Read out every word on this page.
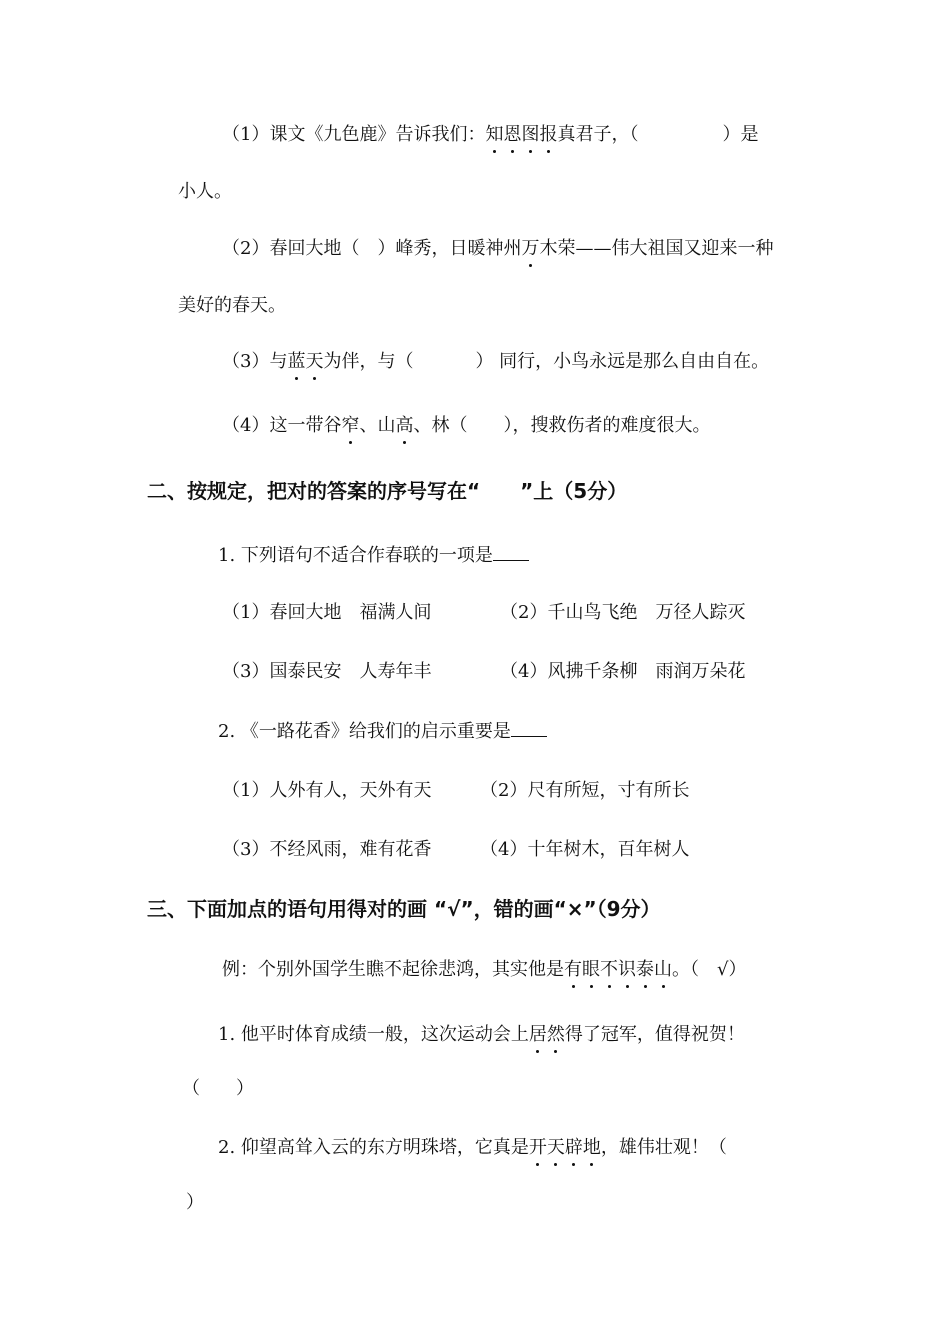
（1）课文《九色鹿》告诉我们：知恩图报真君子，（	）是
小人。
（2）春回大地（　）峰秀，日暖神州万木荣——伟大祖国又迎来一种
美好的春天。
（3）与蓝天为伴，与（	） 同行，小鸟永远是那么自由自在。
（4）这一带谷窄、山高、林（　　），搜救伤者的难度很大。
二、按规定，把对的答案的序号写在“ ”上（5分）
1. 下列语句不适合作春联的一项是
（1）春回大地　福满人间	（2）千山鸟飞绝　万径人踪灭
（3）国泰民安　人寿年丰	（4）风拂千条柳　雨润万朵花
2. 《一路花香》给我们的启示重要是
（1）人外有人，天外有天	（2）尺有所短，寸有所长
（3）不经风雨，难有花香	（4）十年树木，百年树人
三、下面加点的语句用得对的画 “√”，错的画“×”（9分）
例：个别外国学生瞧不起徐悲鸿，其实他是有眼不识泰山。（　√）
1. 他平时体育成绩一般，这次运动会上居然得了冠军，值得祝贺！
（　　）
2. 仰望高耸入云的东方明珠塔，它真是开天辟地，雄伟壮观！（
）
